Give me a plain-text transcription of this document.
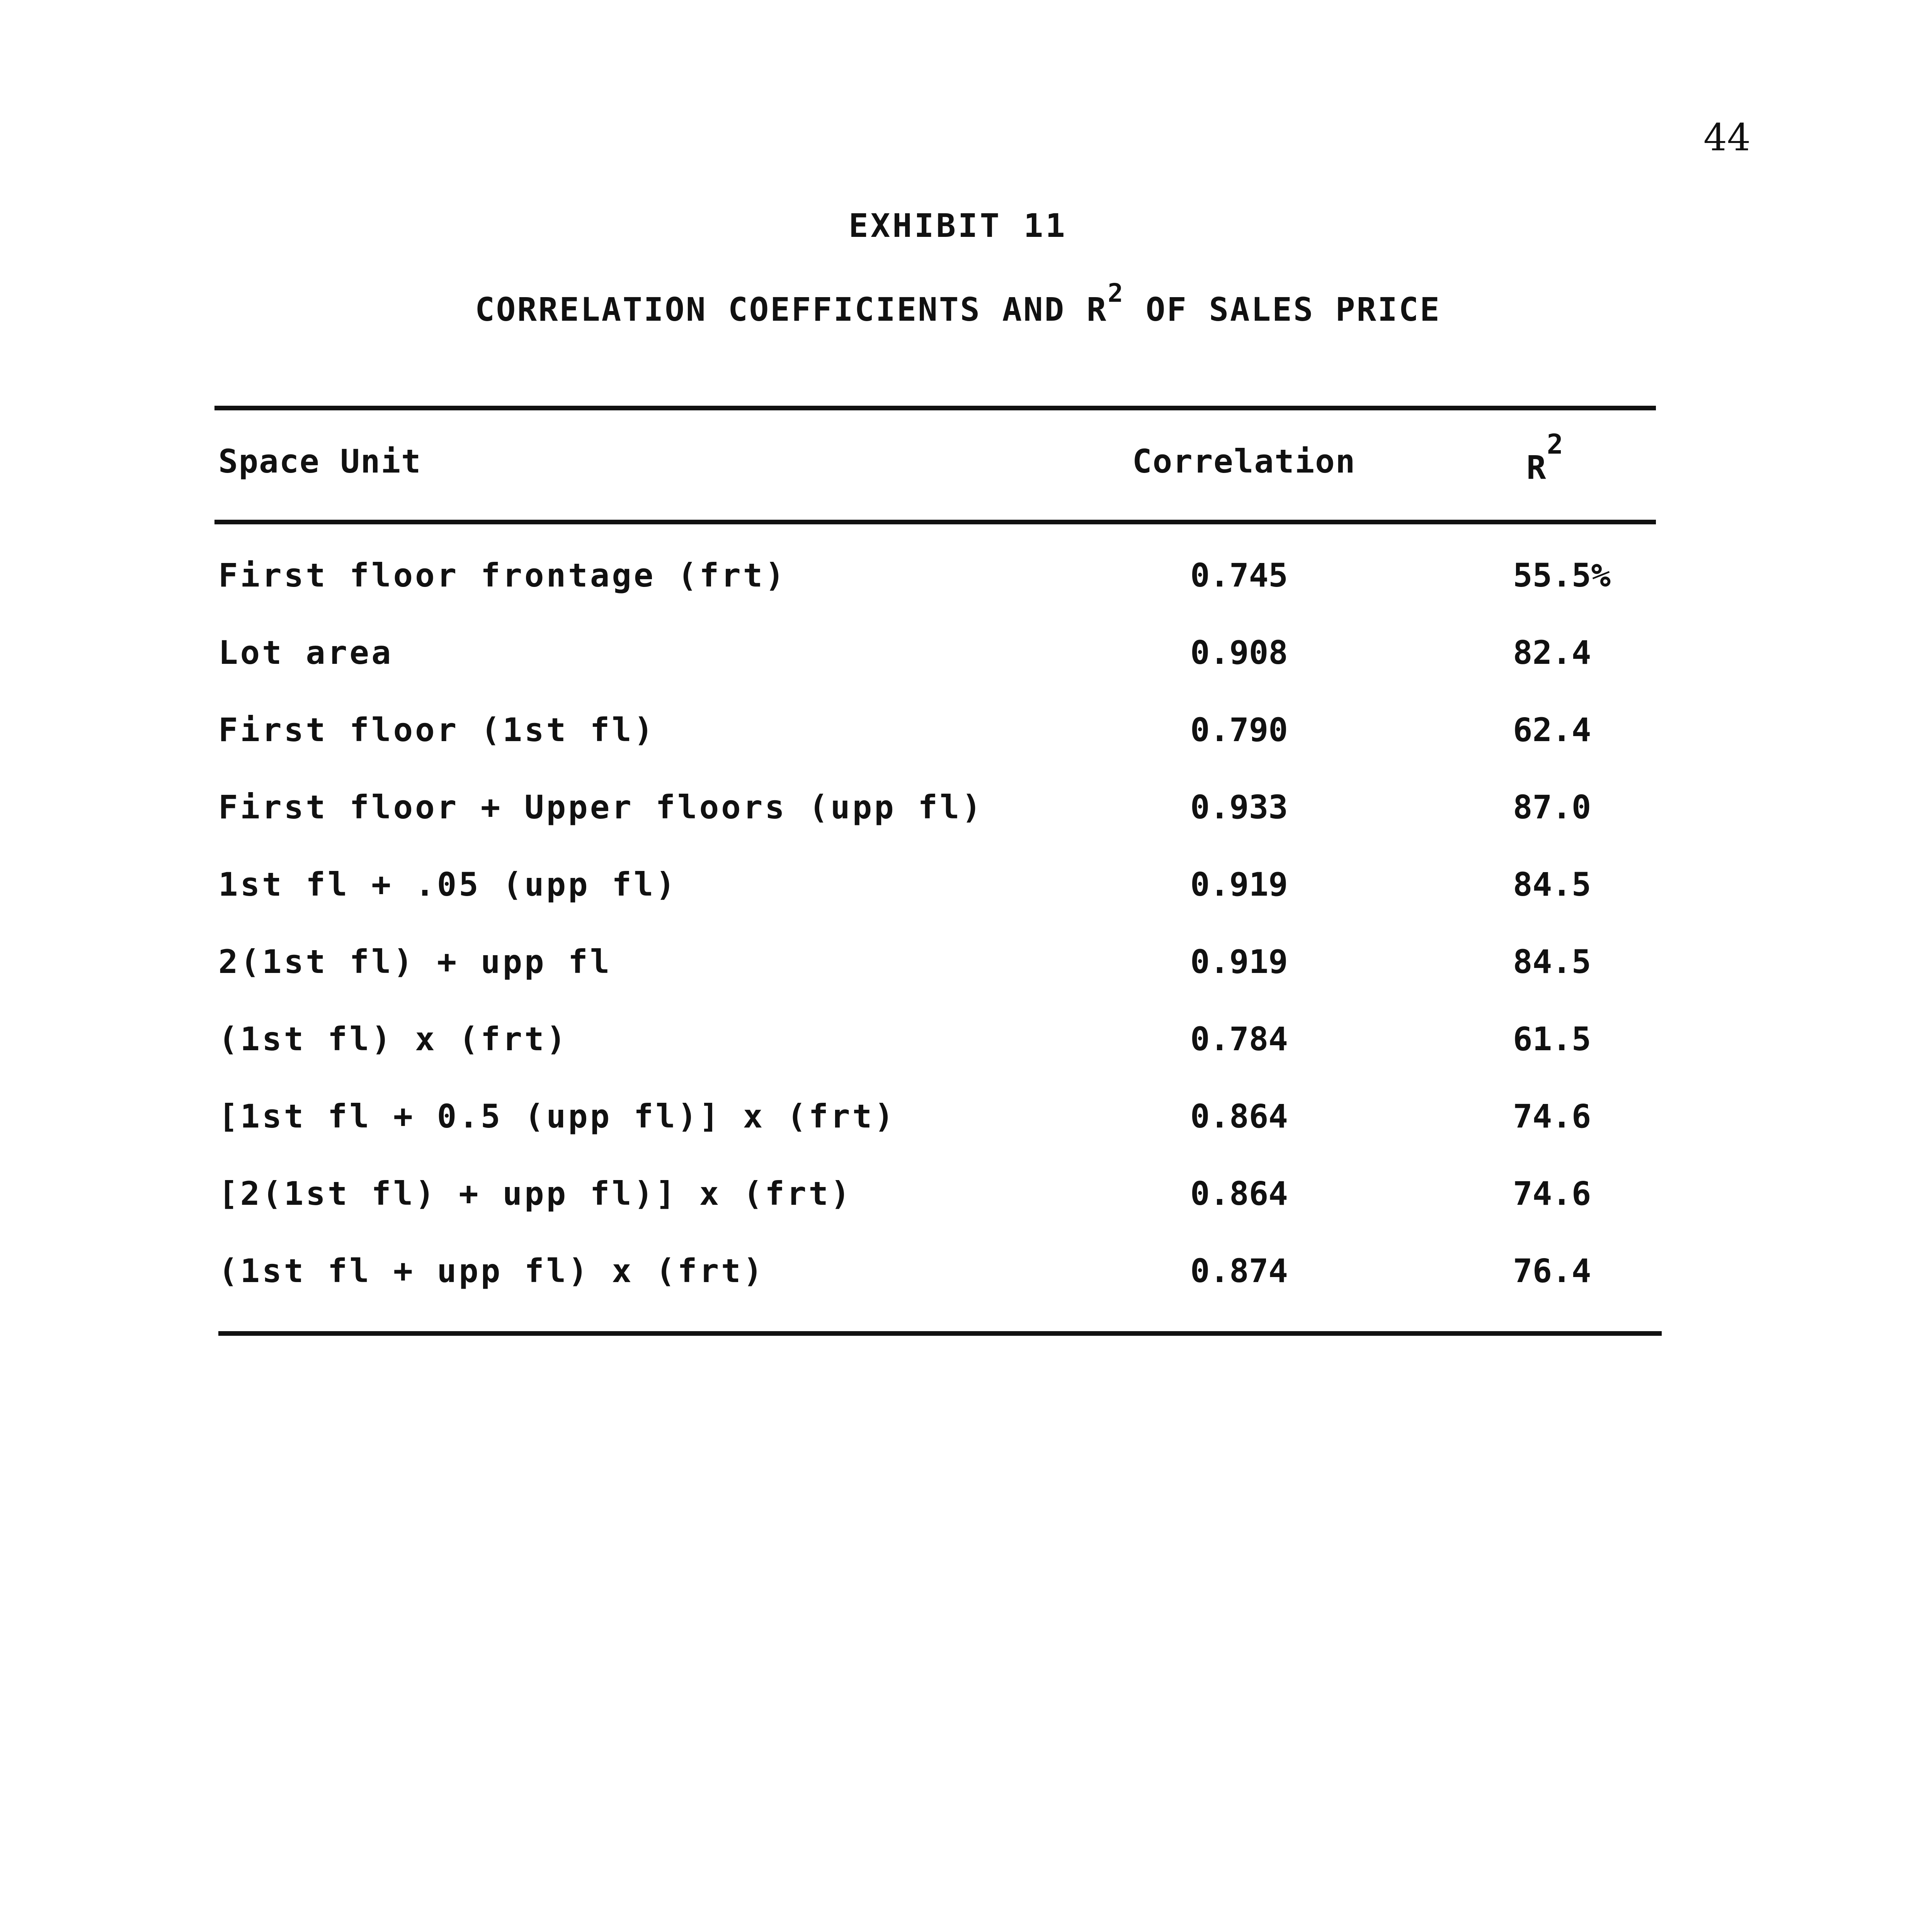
44
EXHIBIT 11
CORRELATION COEFFICIENTS AND $R^2$ OF SALES PRICE
Space Unit	Correlation	$R^2$
First floor frontage (frt)	0.745	55.5%
Lot area	0.908	82.4
First floor (1st fl)	0.790	62.4
First floor + Upper floors (upp fl)	0.933	87.0
1st fl + .05 (upp fl)	0.919	84.5
2(1st fl) + upp fl	0.919	84.5
(1st fl) x (frt)	0.784	61.5
[1st fl + 0.5 (upp fl)] x (frt)	0.864	74.6
[2(1st fl) + upp fl)] x (frt)	0.864	74.6
(1st fl + upp fl) x (frt)	0.874	76.4
